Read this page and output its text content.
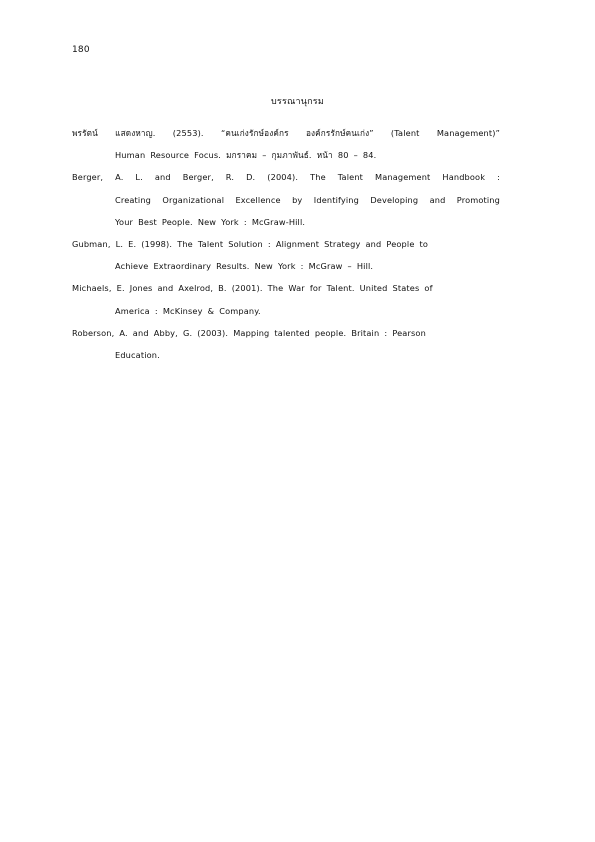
180
บรรณานุกรม
พรรัตน์ แสดงหาญ. (2553). “คนเก่งรักษ์องค์กร องค์กรรักษ์คนเก่ง” (Talent Management)”
Human Resource Focus. มกราคม – กุมภาพันธ์. หน้า 80 – 84.
Berger, A. L. and Berger, R. D. (2004). The Talent Management Handbook :
Creating Organizational Excellence by Identifying Developing and Promoting
Your Best People. New York : McGraw-Hill.
Gubman, L. E. (1998). The Talent Solution : Alignment Strategy and People to
Achieve Extraordinary Results. New York : McGraw – Hill.
Michaels, E. Jones and Axelrod, B. (2001). The War for Talent. United States of
America : McKinsey & Company.
Roberson, A. and Abby, G. (2003). Mapping talented people. Britain : Pearson
Education.
